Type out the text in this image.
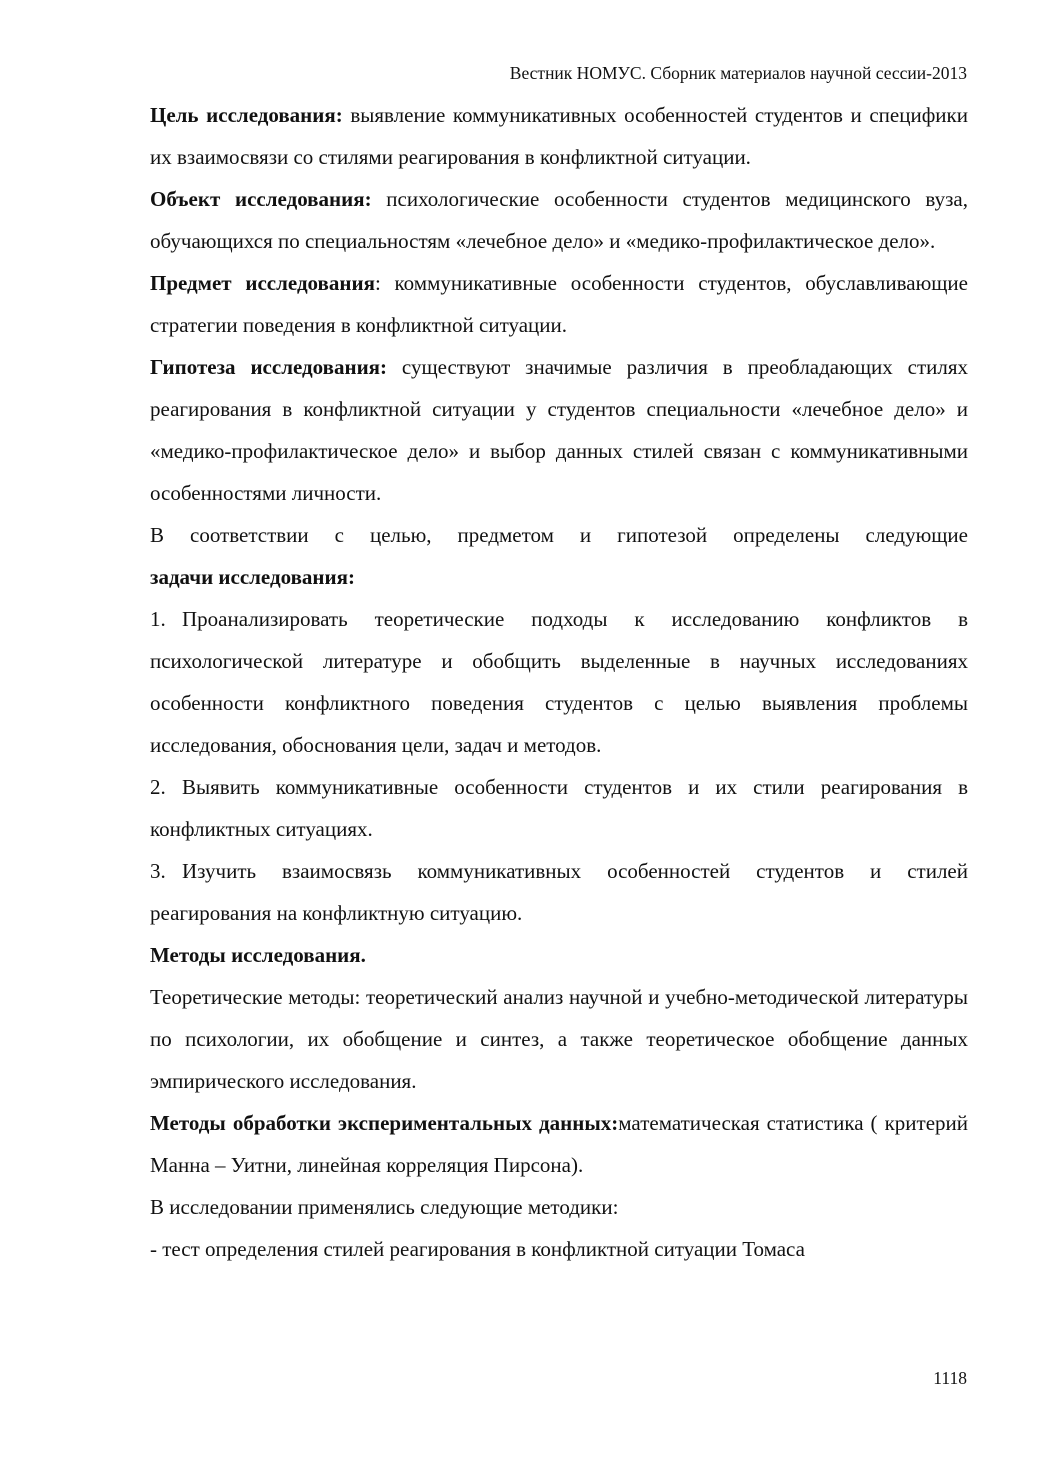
Вестник НОМУС. Сборник материалов научной сессии-2013

Цель исследования: выявление коммуникативных особенностей студентов и специфики их взаимосвязи со стилями реагирования в конфликтной ситуации.

Объект исследования: психологические особенности студентов медицинского вуза, обучающихся по специальностям «лечебное дело» и «медико-профилактическое дело».

Предмет исследования: коммуникативные особенности студентов, обуславливающие стратегии поведения в конфликтной ситуации.

Гипотеза исследования: существуют значимые различия в преобладающих стилях реагирования в конфликтной ситуации у студентов специальности «лечебное дело» и «медико-профилактическое дело» и выбор данных стилей связан с коммуникативными особенностями личности.

В соответствии с целью, предметом и гипотезой определены следующие

задачи исследования:

1. Проанализировать теоретические подходы к исследованию конфликтов в психологической литературе и обобщить выделенные в научных исследованиях особенности конфликтного поведения студентов с целью выявления проблемы исследования, обоснования цели, задач и методов.

2. Выявить коммуникативные особенности студентов и их стили реагирования в конфликтных ситуациях.

3. Изучить взаимосвязь коммуникативных особенностей студентов и стилей реагирования на конфликтную ситуацию.

Методы исследования.

Теоретические методы: теоретический анализ научной и учебно-методической литературы по психологии, их обобщение и синтез, а также теоретическое обобщение данных эмпирического исследования.

Методы обработки экспериментальных данных:математическая статистика ( критерий Манна – Уитни, линейная корреляция Пирсона).

В исследовании применялись следующие методики:

- тест определения стилей реагирования в конфликтной ситуации Томаса

1118
